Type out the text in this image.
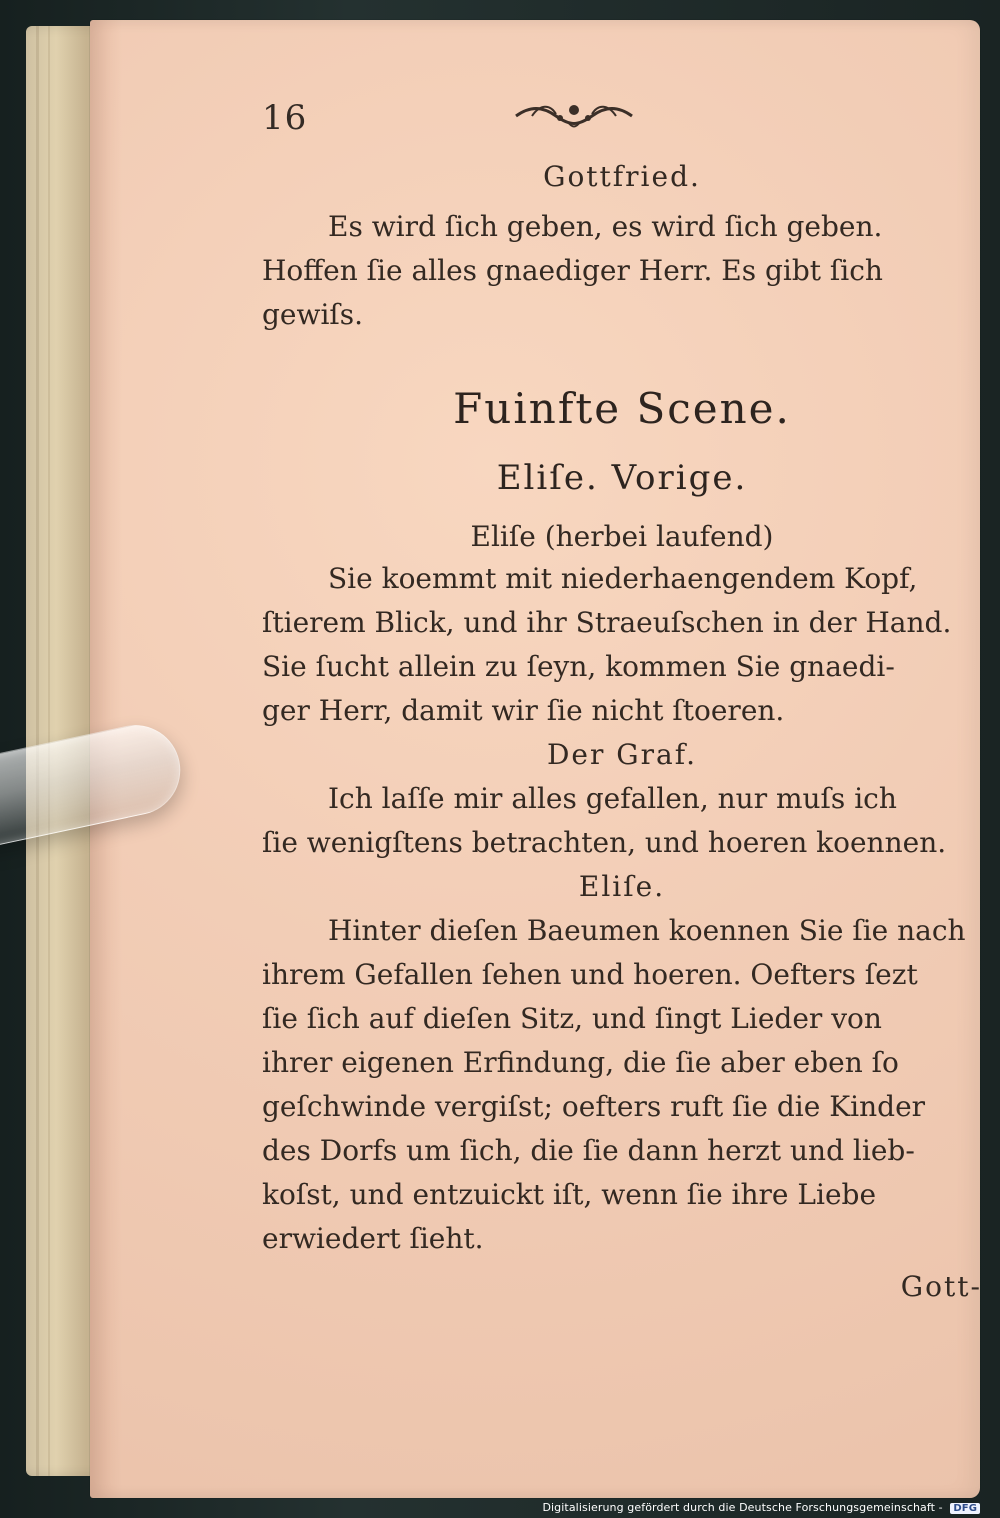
16
Gottfried.
Es wird ſich geben, es wird ſich geben.
Hoffen ſie alles gnaediger Herr. Es gibt ſich
gewiſs.
Fuinfte Scene.
Eliſe. Vorige.
Eliſe (herbei laufend)
Sie koemmt mit niederhaengendem Kopf,
ſtierem Blick, und ihr Straeuſschen in der Hand.
Sie ſucht allein zu ſeyn, kommen Sie gnaedi-
ger Herr, damit wir ſie nicht ſtoeren.
Der Graf.
Ich laſſe mir alles gefallen, nur muſs ich
ſie wenigſtens betrachten, und hoeren koennen.
Eliſe.
Hinter dieſen Baeumen koennen Sie ſie nach
ihrem Gefallen ſehen und hoeren. Oefters ſezt
ſie ſich auf dieſen Sitz, und ſingt Lieder von
ihrer eigenen Erfindung, die ſie aber eben ſo
geſchwinde vergiſst; oefters ruft ſie die Kinder
des Dorfs um ſich, die ſie dann herzt und lieb-
koſst, und entzuickt iſt, wenn ſie ihre Liebe
erwiedert ſieht.
Gott-
Digitalisierung gefördert durch die Deutsche Forschungsgemeinschaft - DFG
